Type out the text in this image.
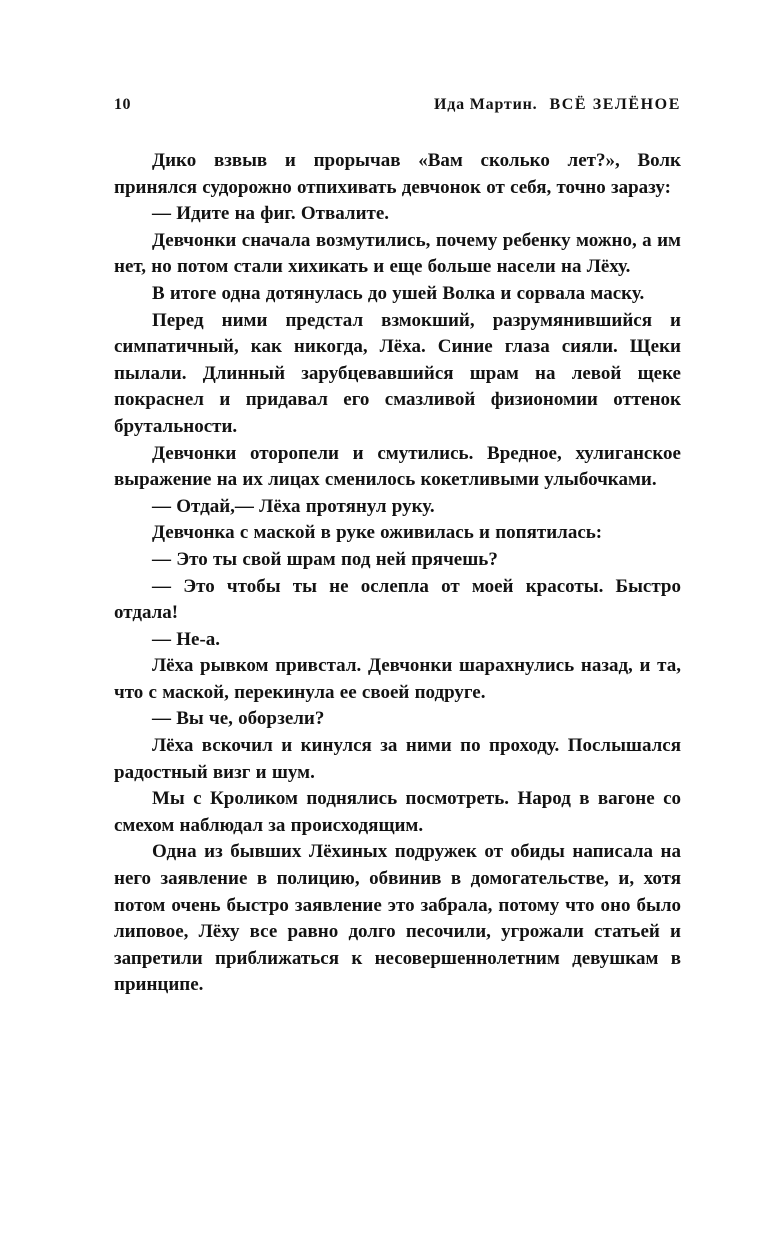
10	Ида Мартин. ВСЁ ЗЕЛЁНОЕ

Дико взвыв и прорычав «Вам сколько лет?», Волк принялся судорожно отпихивать девчонок от себя, точно заразу:

— Идите на фиг. Отвалите.

Девчонки сначала возмутились, почему ребенку можно, а им нет, но потом стали хихикать и еще больше насели на Лёху.

В итоге одна дотянулась до ушей Волка и сорвала маску.

Перед ними предстал взмокший, разрумянившийся и симпатичный, как никогда, Лёха. Синие глаза сияли. Щеки пылали. Длинный зарубцевавшийся шрам на левой щеке покраснел и придавал его смазливой физиономии оттенок брутальности.

Девчонки оторопели и смутились. Вредное, хулиганское выражение на их лицах сменилось кокетливыми улыбочками.

— Отдай,— Лёха протянул руку.

Девчонка с маской в руке оживилась и попятилась:

— Это ты свой шрам под ней прячешь?

— Это чтобы ты не ослепла от моей красоты. Быстро отдала!

— Не-а.

Лёха рывком привстал. Девчонки шарахнулись назад, и та, что с маской, перекинула ее своей подруге.

— Вы че, оборзели?

Лёха вскочил и кинулся за ними по проходу. Послышался радостный визг и шум.

Мы с Кроликом поднялись посмотреть. Народ в вагоне со смехом наблюдал за происходящим.

Одна из бывших Лёхиных подружек от обиды написала на него заявление в полицию, обвинив в домогательстве, и, хотя потом очень быстро заявление это забрала, потому что оно было липовое, Лёху все равно долго песочили, угрожали статьей и запретили приближаться к несовершеннолетним девушкам в принципе.
